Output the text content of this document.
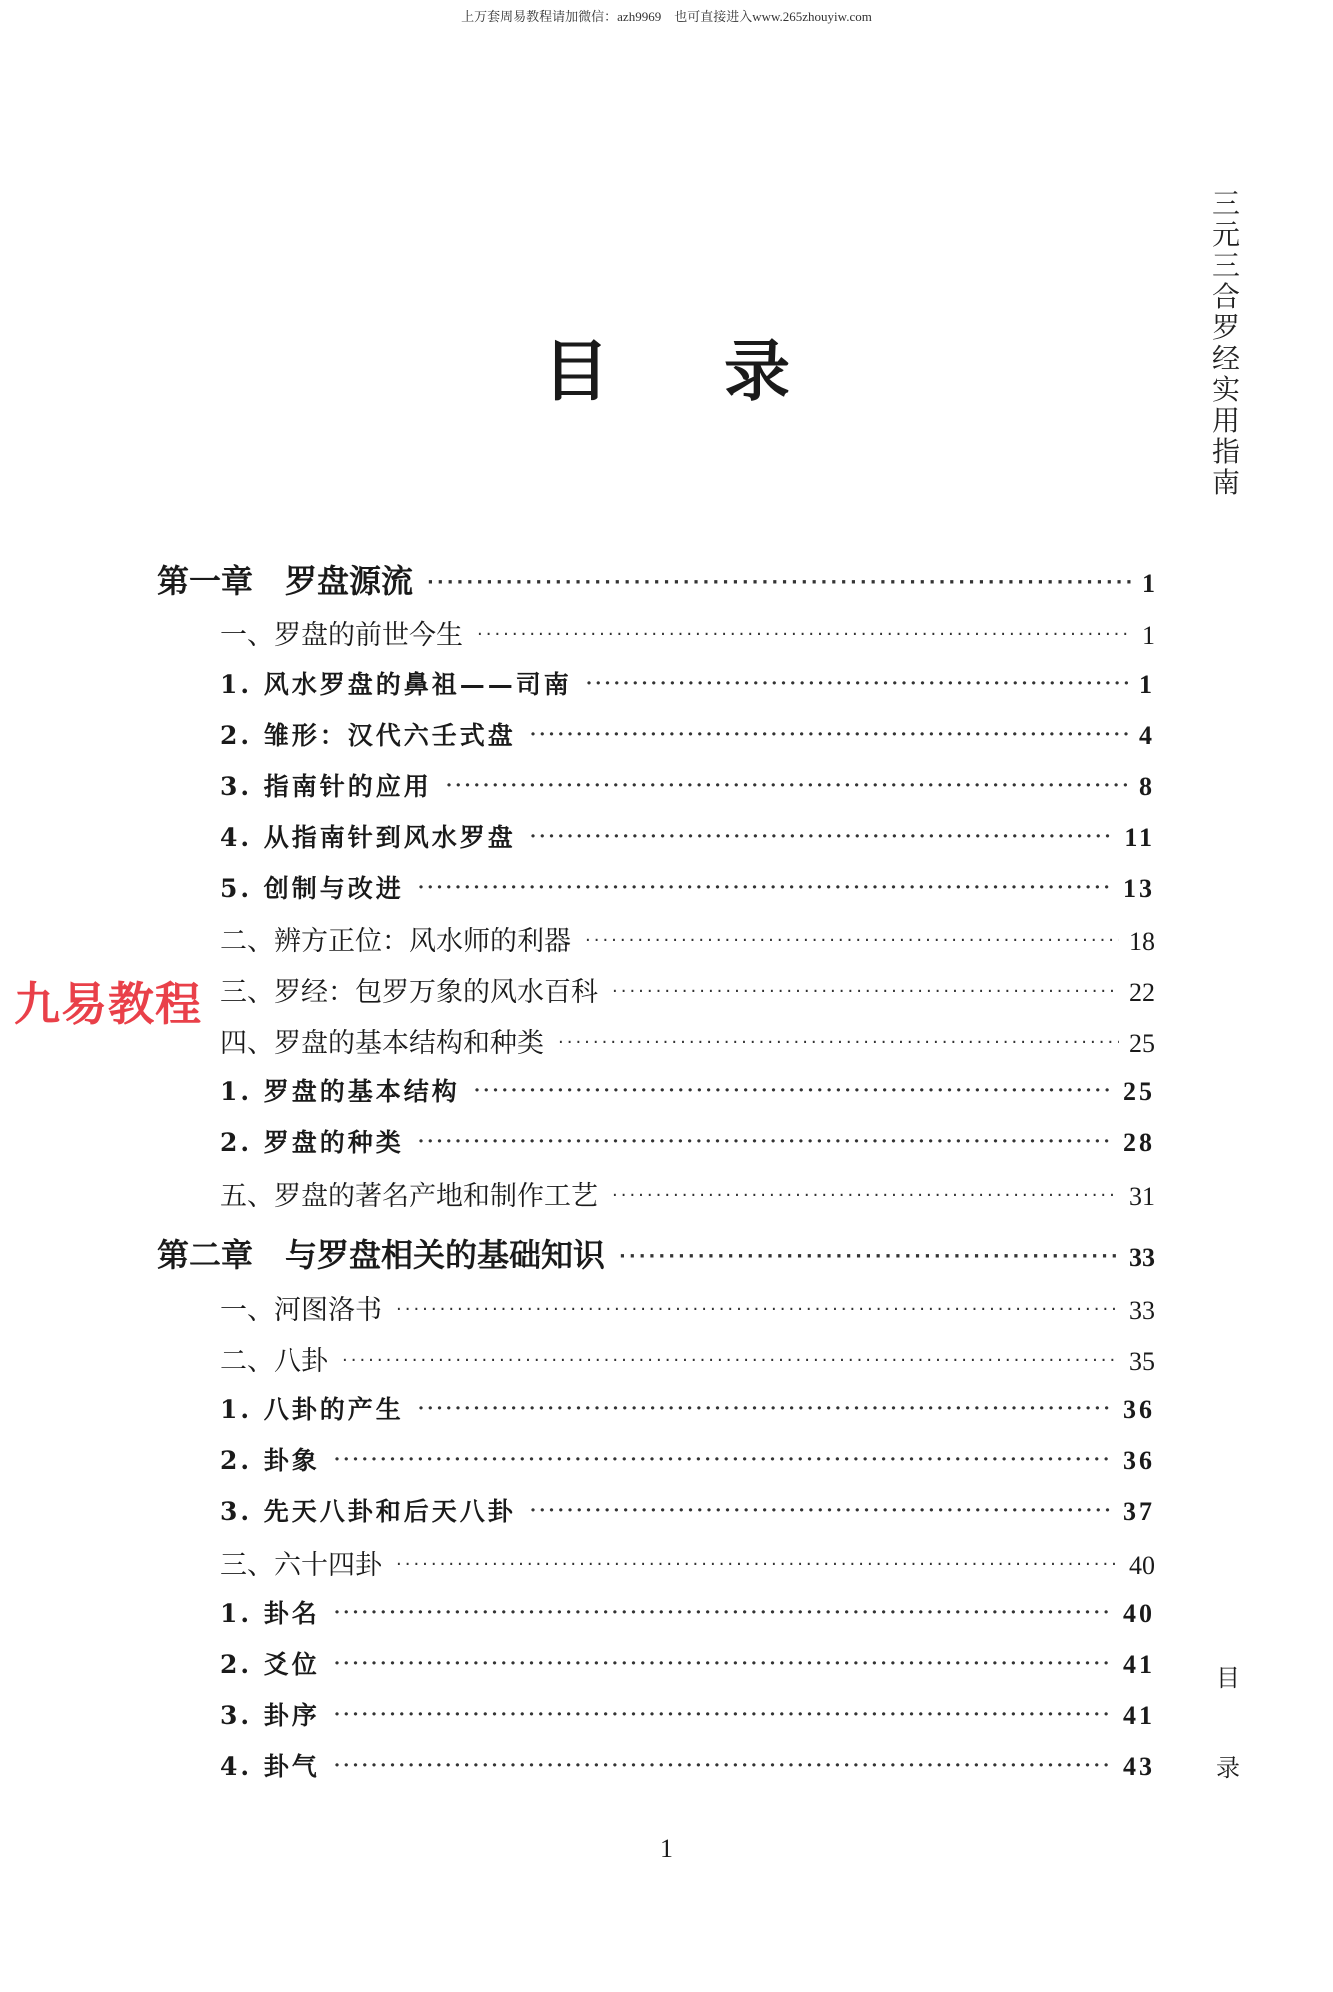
上万套周易教程请加微信：azh9969　也可直接进入www.265zhouyiw.com
目录
三元三合罗经实用指南
目
录
第一章　罗盘源流 ·····	1
一、罗盘的前世今生 ·····	1
1. 风水罗盘的鼻祖——司南 ·····	1
2. 雏形：汉代六壬式盘 ·····	4
3. 指南针的应用 ·····	8
4. 从指南针到风水罗盘 ·····	11
5. 创制与改进 ·····	13
二、辨方正位：风水师的利器 ·····	18
三、罗经：包罗万象的风水百科 ·····	22
四、罗盘的基本结构和种类 ·····	25
1. 罗盘的基本结构 ·····	25
2. 罗盘的种类 ·····	28
五、罗盘的著名产地和制作工艺 ·····	31
第二章　与罗盘相关的基础知识 ·····	33
一、河图洛书 ·····	33
二、八卦 ·····	35
1. 八卦的产生 ·····	36
2. 卦象 ·····	36
3. 先天八卦和后天八卦 ·····	37
三、六十四卦 ·····	40
1. 卦名 ·····	40
2. 爻位 ·····	41
3. 卦序 ·····	41
4. 卦气 ·····	43
九易教程
1
